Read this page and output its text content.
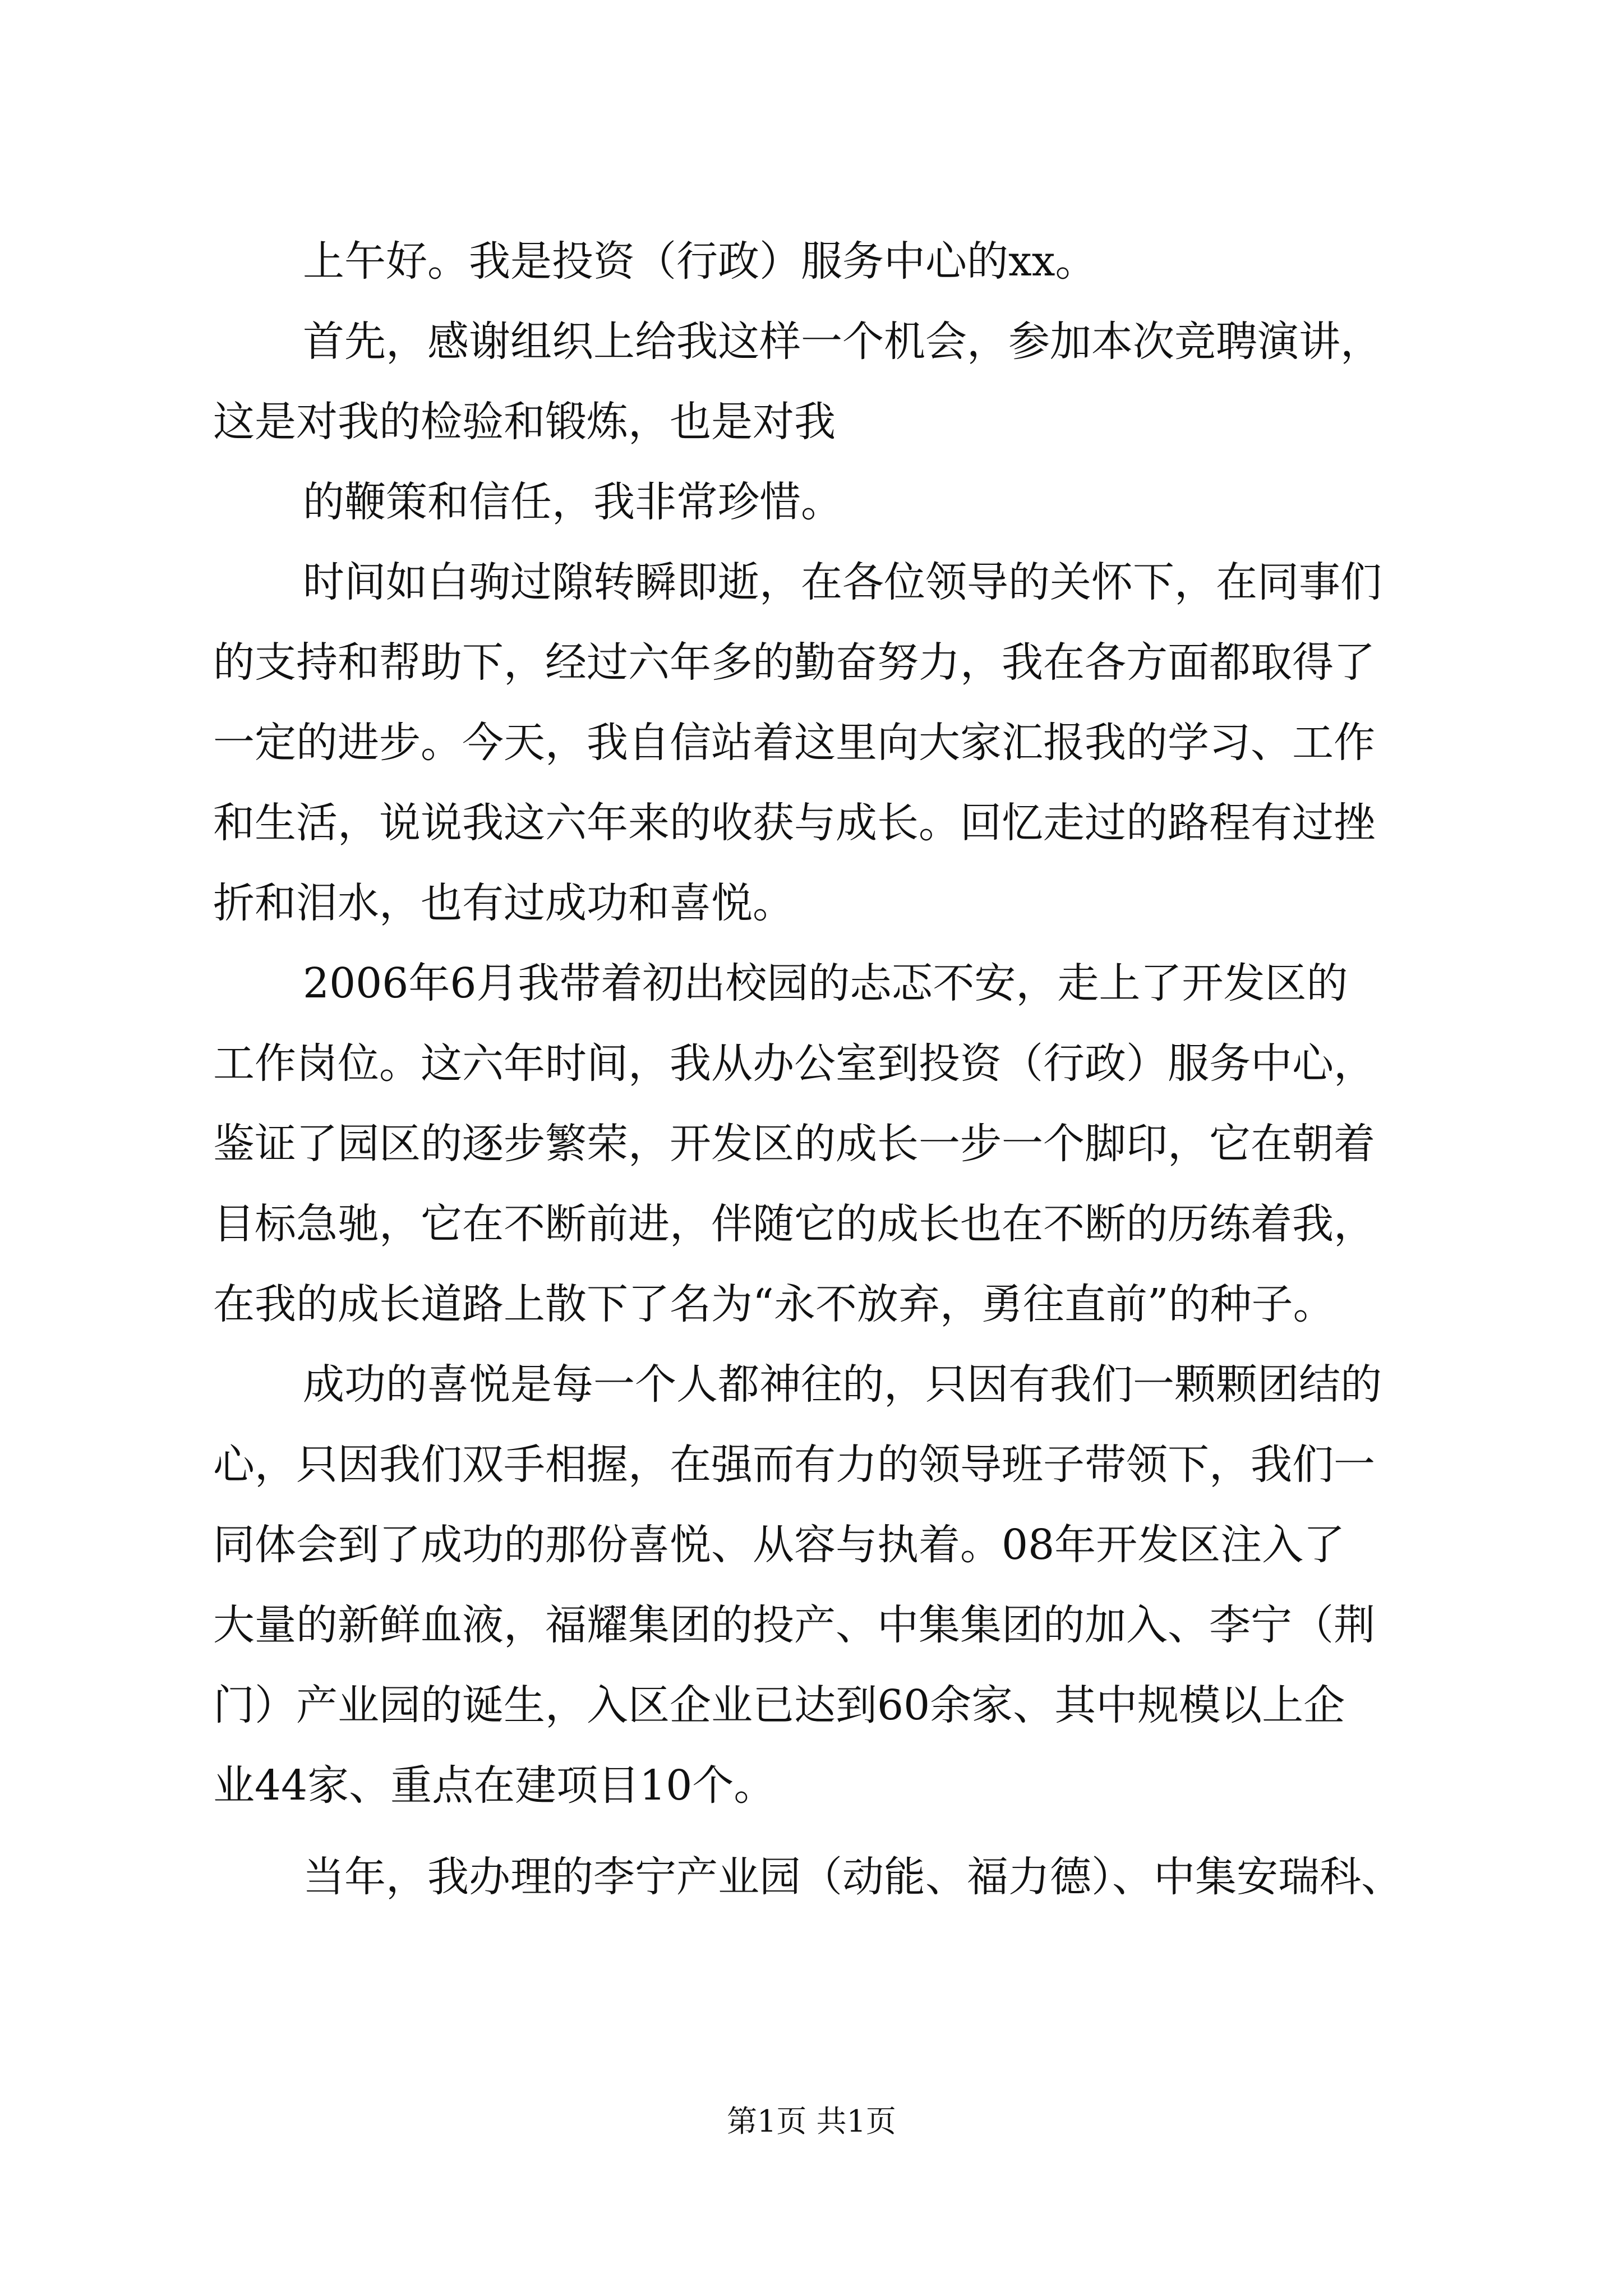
上午好。我是投资（行政）服务中心的xx。
首先，感谢组织上给我这样一个机会，参加本次竞聘演讲，
这是对我的检验和锻炼，也是对我
的鞭策和信任，我非常珍惜。
时间如白驹过隙转瞬即逝，在各位领导的关怀下，在同事们
的支持和帮助下，经过六年多的勤奋努力，我在各方面都取得了
一定的进步。今天，我自信站着这里向大家汇报我的学习、工作
和生活，说说我这六年来的收获与成长。回忆走过的路程有过挫
折和泪水，也有过成功和喜悦。
2006年6月我带着初出校园的忐忑不安，走上了开发区的
工作岗位。这六年时间，我从办公室到投资（行政）服务中心，
鉴证了园区的逐步繁荣，开发区的成长一步一个脚印，它在朝着
目标急驰，它在不断前进，伴随它的成长也在不断的历练着我，
在我的成长道路上散下了名为“永不放弃，勇往直前”的种子。
成功的喜悦是每一个人都神往的，只因有我们一颗颗团结的
心，只因我们双手相握，在强而有力的领导班子带领下，我们一
同体会到了成功的那份喜悦、从容与执着。08年开发区注入了
大量的新鲜血液，福耀集团的投产、中集集团的加入、李宁（荆
门）产业园的诞生，入区企业已达到60余家、其中规模以上企
业44家、重点在建项目10个。
当年，我办理的李宁产业园（动能、福力德）、中集安瑞科、
第1页 共1页
